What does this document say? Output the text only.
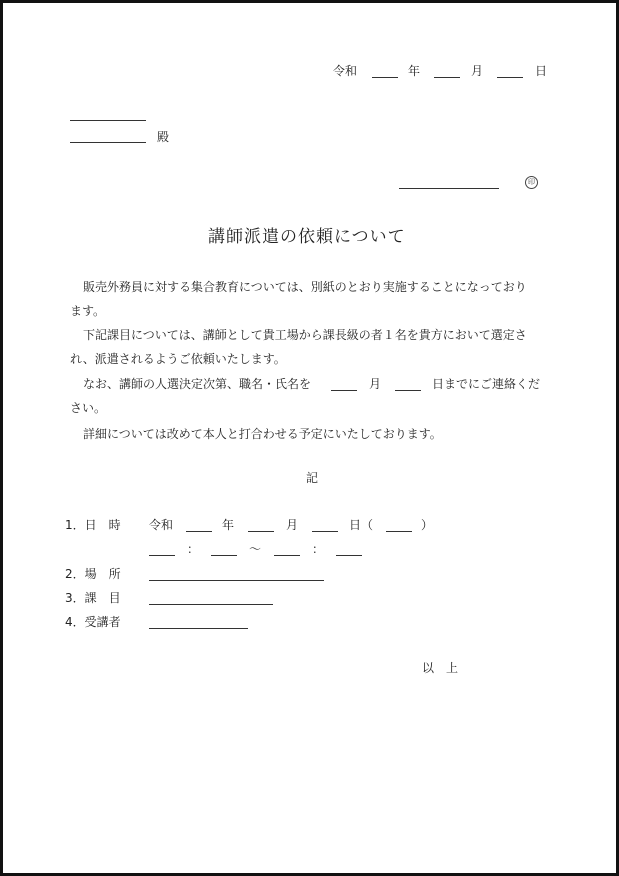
令和	年	月	日
殿
印
講師派遣の依頼について
販売外務員に対する集合教育については、別紙のとおり実施することになっており
ます。
下記課目については、講師として貴工場から課長級の者１名を貴方において選定さ
れ、派遣されるようご依頼いたします。
なお、講師の人選決定次第、職名・氏名を	月	日までにご連絡くだ
さい。
詳細については改めて本人と打合わせる予定にいたしております。
記
1．日　時 令和	年	月	日（	）
：	〜	：
2．場　所
3．課　目
4．受講者
以　上
